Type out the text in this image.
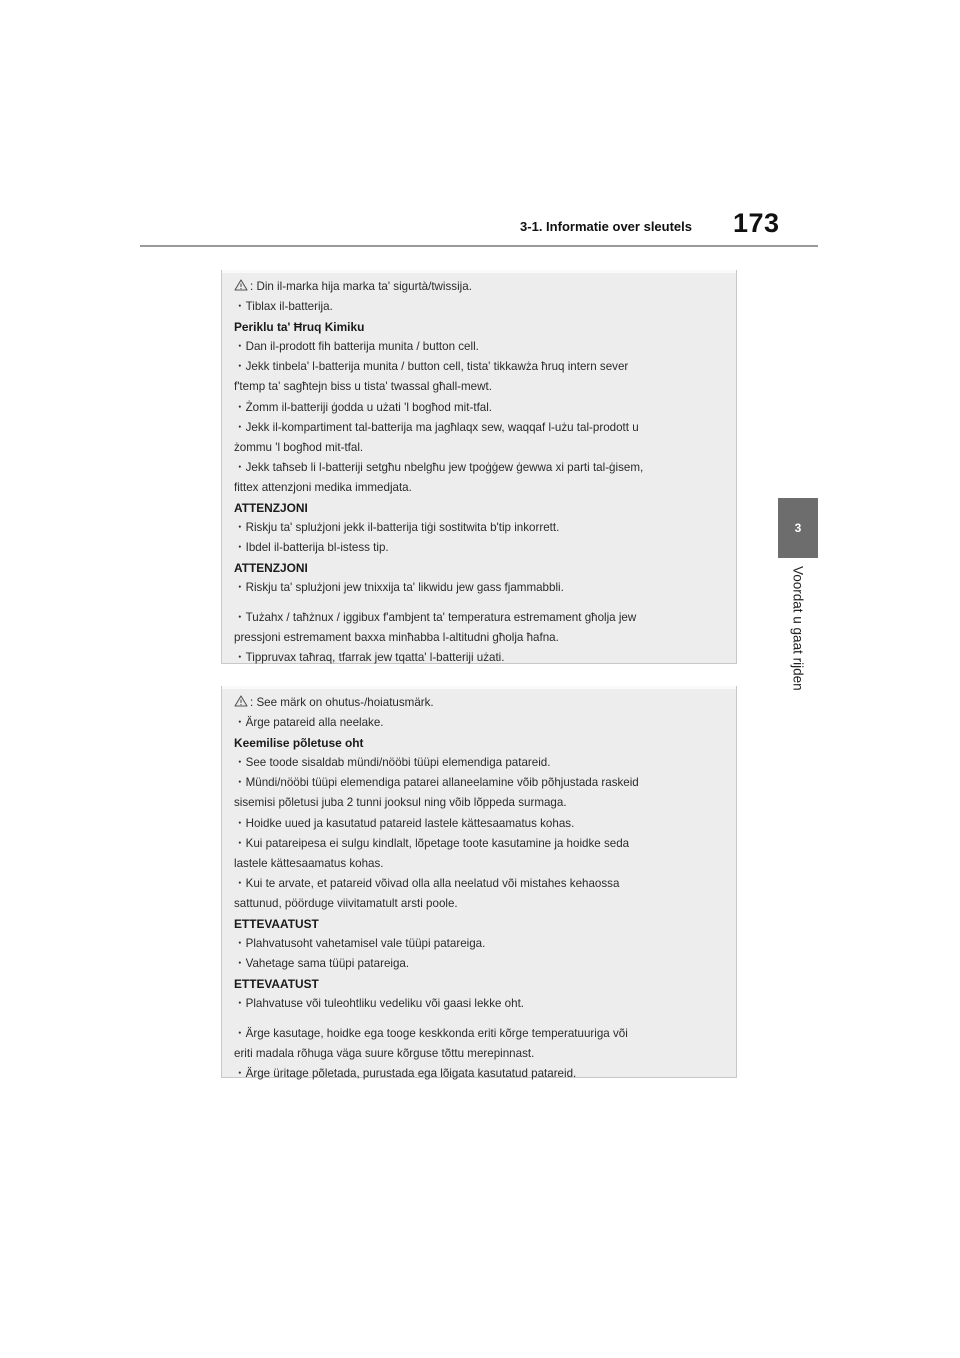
3-1. Informatie over sleutels 173
3
Voordat u gaat rijden
: Din il-marka hija marka ta' sigurtà/twissija.
・Tiblax il-batterija.
Periklu ta' Ħruq Kimiku
・Dan il-prodott fih batterija munita / button cell.
・Jekk tinbela' l-batterija munita / button cell, tista' tikkawża ħruq intern sever
f'temp ta' sagħtejn biss u tista' twassal għall-mewt.
・Żomm il-batteriji ġodda u użati 'l bogħod mit-tfal.
・Jekk il-kompartiment tal-batterija ma jagħlaqx sew, waqqaf l-użu tal-prodott u
żommu 'l bogħod mit-tfal.
・Jekk taħseb li l-batteriji setgħu nbelgħu jew tpoġġew ġewwa xi parti tal-ġisem,
fittex attenzjoni medika immedjata.
ATTENZJONI
・Riskju ta' splużjoni jekk il-batterija tiġi sostitwita b'tip inkorrett.
・Ibdel il-batterija bl-istess tip.
ATTENZJONI
・Riskju ta' splużjoni jew tnixxija ta' likwidu jew gass fjammabbli.
・Tużahx / taħżnux / iggibux f'ambjent ta' temperatura estremament għolja jew
pressjoni estremament baxxa minħabba l-altitudni għolja ħafna.
・Tippruvax taħraq, tfarrak jew tqatta' l-batteriji użati.
: See märk on ohutus-/hoiatusmärk.
・Ärge patareid alla neelake.
Keemilise põletuse oht
・See toode sisaldab mündi/nööbi tüüpi elemendiga patareid.
・Mündi/nööbi tüüpi elemendiga patarei allaneelamine võib põhjustada raskeid
sisemisi põletusi juba 2 tunni jooksul ning võib lõppeda surmaga.
・Hoidke uued ja kasutatud patareid lastele kättesaamatus kohas.
・Kui patareipesa ei sulgu kindlalt, lõpetage toote kasutamine ja hoidke seda
lastele kättesaamatus kohas.
・Kui te arvate, et patareid võivad olla alla neelatud või mistahes kehaossa
sattunud, pöörduge viivitamatult arsti poole.
ETTEVAATUST
・Plahvatusoht vahetamisel vale tüüpi patareiga.
・Vahetage sama tüüpi patareiga.
ETTEVAATUST
・Plahvatuse või tuleohtliku vedeliku või gaasi lekke oht.
・Ärge kasutage, hoidke ega tooge keskkonda eriti kõrge temperatuuriga või
eriti madala rõhuga väga suure kõrguse tõttu merepinnast.
・Ärge üritage põletada, purustada ega lõigata kasutatud patareid.
